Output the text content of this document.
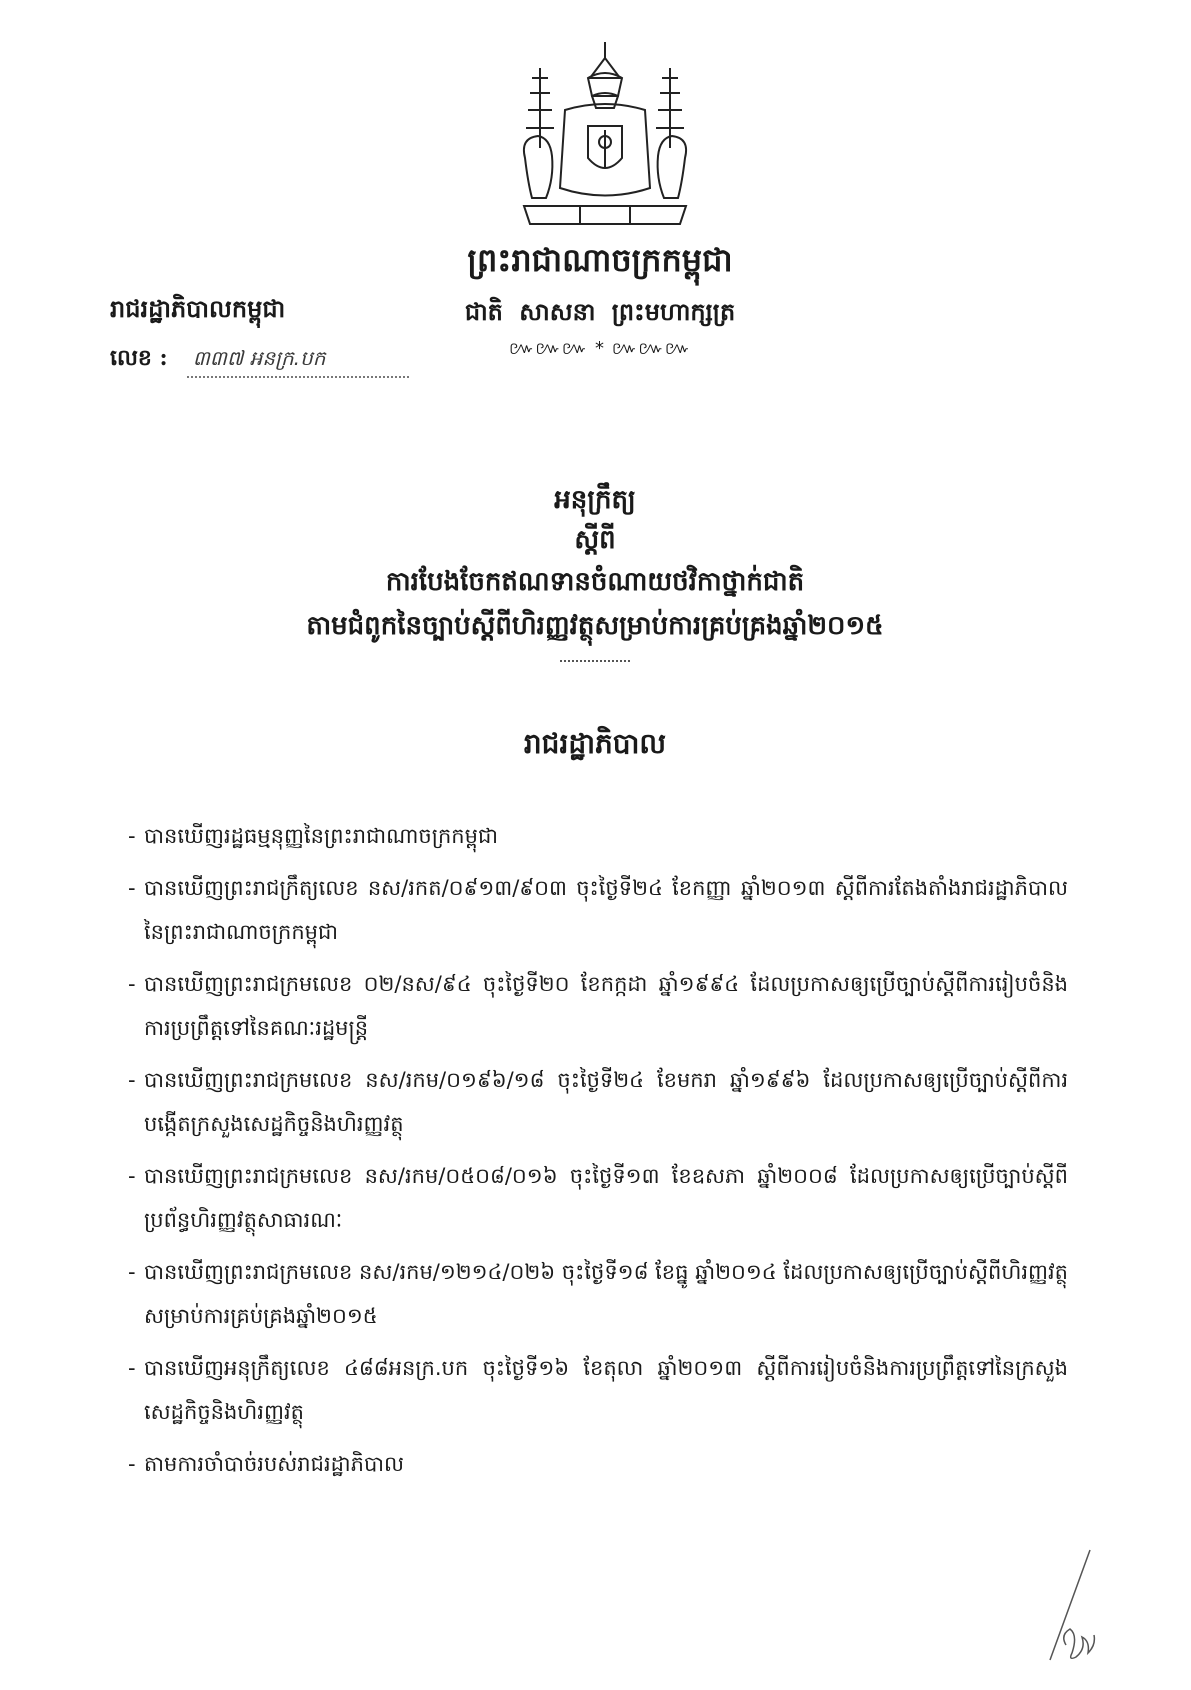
ព្រះរាជាណាចក្រកម្ពុជា
ជាតិ សាសនា ព្រះមហាក្សត្រ
៚៚៚ * ៚៚៚
រាជរដ្ឋាភិបាលកម្ពុជា
លេខ : ៣៣៧ អនក្រ.បក
អនុក្រឹត្យ
ស្តីពី
ការបែងចែកឥណទានចំណាយថវិកាថ្នាក់ជាតិ
តាមជំពូកនៃច្បាប់ស្តីពីហិរញ្ញវត្ថុសម្រាប់ការគ្រប់គ្រងឆ្នាំ២០១៥
រាជរដ្ឋាភិបាល
- បានឃើញរដ្ឋធម្មនុញ្ញនៃព្រះរាជាណាចក្រកម្ពុជា
- បានឃើញព្រះរាជក្រឹត្យលេខ នស/រកត/០៩១៣/៩០៣ ចុះថ្ងៃទី២៤ ខែកញ្ញា ឆ្នាំ២០១៣ ស្តីពីការតែងតាំងរាជរដ្ឋាភិបាលនៃព្រះរាជាណាចក្រកម្ពុជា
- បានឃើញព្រះរាជក្រមលេខ ០២/នស/៩៤ ចុះថ្ងៃទី២០ ខែកក្កដា ឆ្នាំ១៩៩៤ ដែលប្រកាសឲ្យប្រើច្បាប់ស្តីពីការរៀបចំនិងការប្រព្រឹត្តទៅនៃគណៈរដ្ឋមន្ត្រី
- បានឃើញព្រះរាជក្រមលេខ នស/រកម/០១៩៦/១៨ ចុះថ្ងៃទី២៤ ខែមករា ឆ្នាំ១៩៩៦ ដែលប្រកាសឲ្យប្រើច្បាប់ស្តីពីការបង្កើតក្រសួងសេដ្ឋកិច្ចនិងហិរញ្ញវត្ថុ
- បានឃើញព្រះរាជក្រមលេខ នស/រកម/០៥០៨/០១៦ ចុះថ្ងៃទី១៣ ខែឧសភា ឆ្នាំ២០០៨ ដែលប្រកាសឲ្យប្រើច្បាប់ស្តីពីប្រព័ន្ធហិរញ្ញវត្ថុសាធារណៈ
- បានឃើញព្រះរាជក្រមលេខ នស/រកម/១២១៤/០២៦ ចុះថ្ងៃទី១៨ ខែធ្នូ ឆ្នាំ២០១៤ ដែលប្រកាសឲ្យប្រើច្បាប់ស្តីពីហិរញ្ញវត្ថុសម្រាប់ការគ្រប់គ្រងឆ្នាំ២០១៥
- បានឃើញអនុក្រឹត្យលេខ ៤៨៨អនក្រ.បក ចុះថ្ងៃទី១៦ ខែតុលា ឆ្នាំ២០១៣ ស្តីពីការរៀបចំនិងការប្រព្រឹត្តទៅនៃក្រសួងសេដ្ឋកិច្ចនិងហិរញ្ញវត្ថុ
- តាមការចាំបាច់របស់រាជរដ្ឋាភិបាល
